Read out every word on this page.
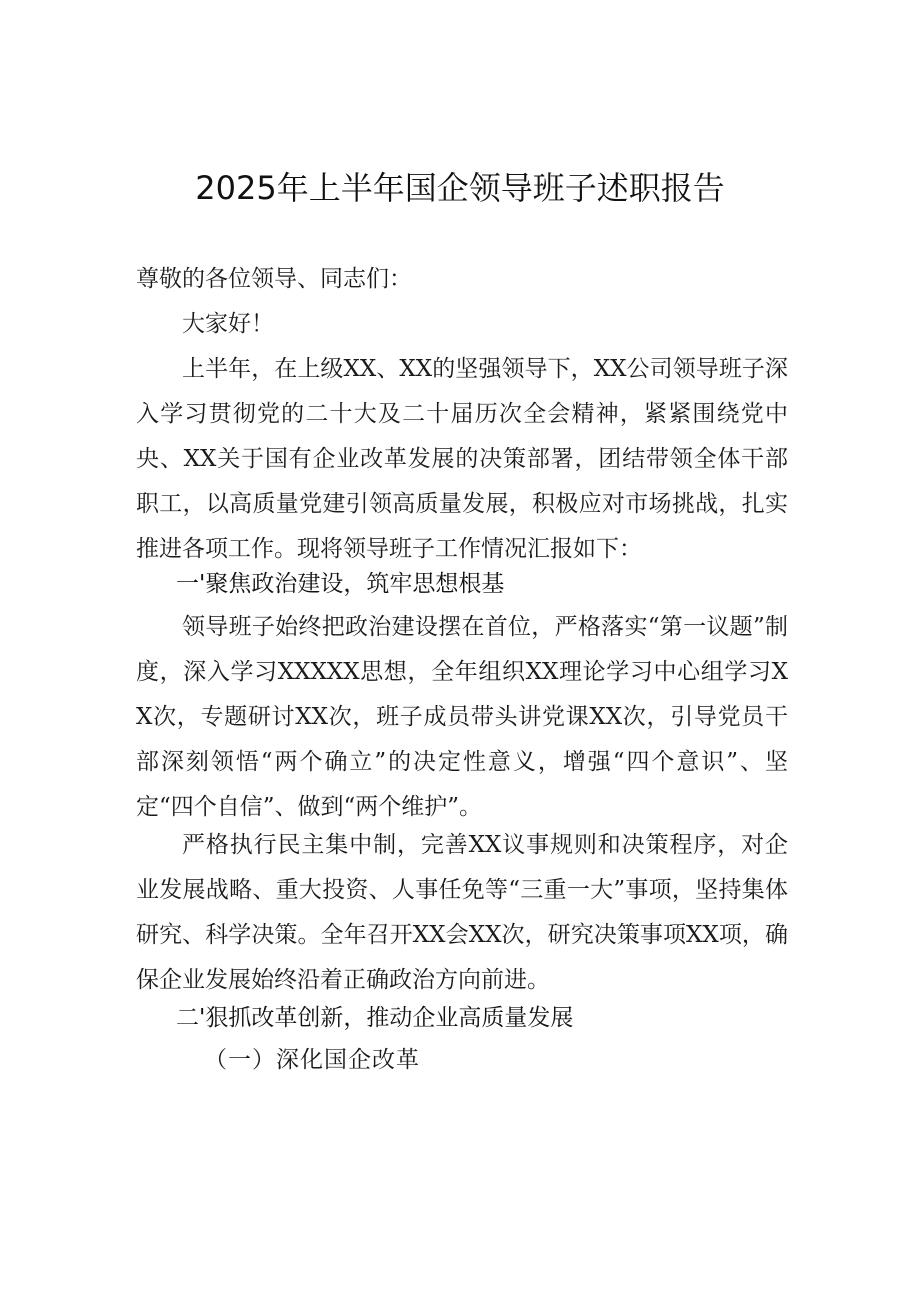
2025年上半年国企领导班子述职报告

尊敬的各位领导、同志们：

大家好！

上半年，在上级XX、XX的坚强领导下，XX公司领导班子深入学习贯彻党的二十大及二十届历次全会精神，紧紧围绕党中央、XX关于国有企业改革发展的决策部署，团结带领全体干部职工，以高质量党建引领高质量发展，积极应对市场挑战，扎实推进各项工作。现将领导班子工作情况汇报如下：

一'聚焦政治建设，筑牢思想根基

领导班子始终把政治建设摆在首位，严格落实“第一议题”制度，深入学习XXXXX思想，全年组织XX理论学习中心组学习XX次，专题研讨XX次，班子成员带头讲党课XX次，引导党员干部深刻领悟“两个确立”的决定性意义，增强“四个意识”、坚定“四个自信”、做到“两个维护”。

严格执行民主集中制，完善XX议事规则和决策程序，对企业发展战略、重大投资、人事任免等“三重一大”事项，坚持集体研究、科学决策。全年召开XX会XX次，研究决策事项XX项，确保企业发展始终沿着正确政治方向前进。

二'狠抓改革创新，推动企业高质量发展

（一）深化国企改革
